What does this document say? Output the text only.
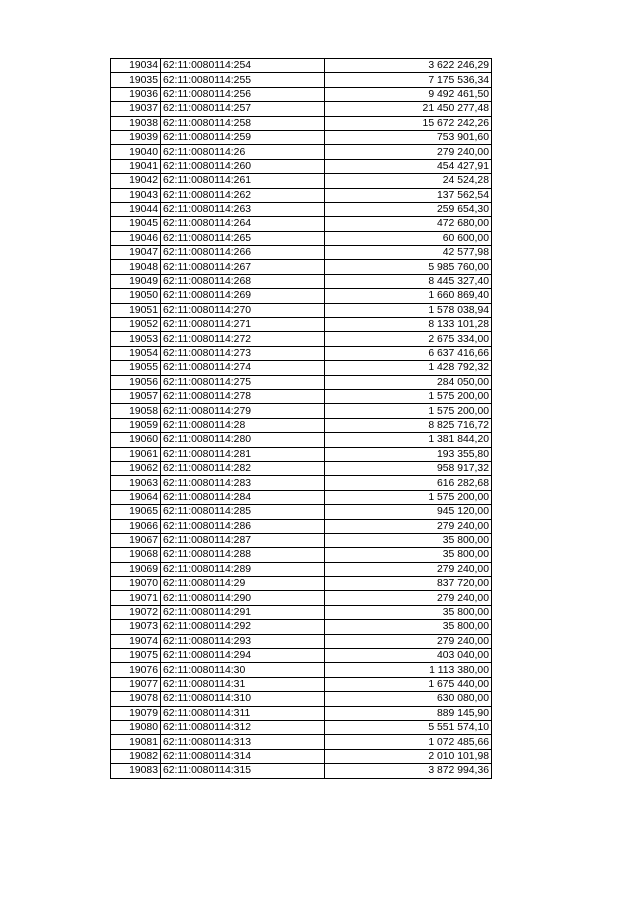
19034	62:11:0080114:254	3 622 246,29
19035	62:11:0080114:255	7 175 536,34
19036	62:11:0080114:256	9 492 461,50
19037	62:11:0080114:257	21 450 277,48
19038	62:11:0080114:258	15 672 242,26
19039	62:11:0080114:259	753 901,60
19040	62:11:0080114:26	279 240,00
19041	62:11:0080114:260	454 427,91
19042	62:11:0080114:261	24 524,28
19043	62:11:0080114:262	137 562,54
19044	62:11:0080114:263	259 654,30
19045	62:11:0080114:264	472 680,00
19046	62:11:0080114:265	60 600,00
19047	62:11:0080114:266	42 577,98
19048	62:11:0080114:267	5 985 760,00
19049	62:11:0080114:268	8 445 327,40
19050	62:11:0080114:269	1 660 869,40
19051	62:11:0080114:270	1 578 038,94
19052	62:11:0080114:271	8 133 101,28
19053	62:11:0080114:272	2 675 334,00
19054	62:11:0080114:273	6 637 416,66
19055	62:11:0080114:274	1 428 792,32
19056	62:11:0080114:275	284 050,00
19057	62:11:0080114:278	1 575 200,00
19058	62:11:0080114:279	1 575 200,00
19059	62:11:0080114:28	8 825 716,72
19060	62:11:0080114:280	1 381 844,20
19061	62:11:0080114:281	193 355,80
19062	62:11:0080114:282	958 917,32
19063	62:11:0080114:283	616 282,68
19064	62:11:0080114:284	1 575 200,00
19065	62:11:0080114:285	945 120,00
19066	62:11:0080114:286	279 240,00
19067	62:11:0080114:287	35 800,00
19068	62:11:0080114:288	35 800,00
19069	62:11:0080114:289	279 240,00
19070	62:11:0080114:29	837 720,00
19071	62:11:0080114:290	279 240,00
19072	62:11:0080114:291	35 800,00
19073	62:11:0080114:292	35 800,00
19074	62:11:0080114:293	279 240,00
19075	62:11:0080114:294	403 040,00
19076	62:11:0080114:30	1 113 380,00
19077	62:11:0080114:31	1 675 440,00
19078	62:11:0080114:310	630 080,00
19079	62:11:0080114:311	889 145,90
19080	62:11:0080114:312	5 551 574,10
19081	62:11:0080114:313	1 072 485,66
19082	62:11:0080114:314	2 010 101,98
19083	62:11:0080114:315	3 872 994,36
